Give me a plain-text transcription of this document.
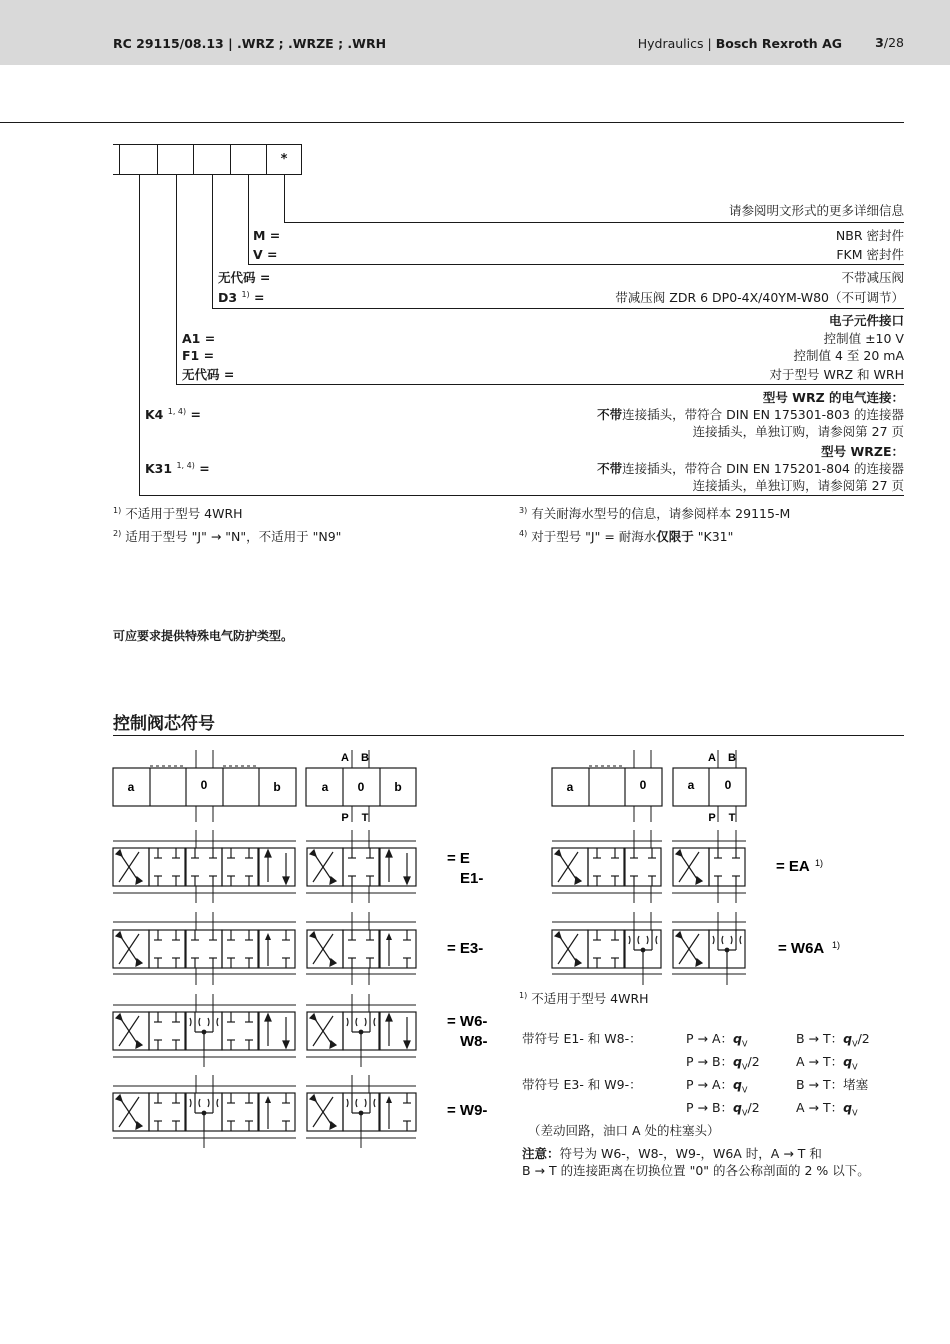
RC 29115/08.13 | .WRZ ; .WRZE ; .WRH	Hydraulics | Bosch Rexroth AG	3/28
*
请参阅明文形式的更多详细信息
M =	NBR 密封件
V =	FKM 密封件
无代码 =	不带减压阀
D3 $^{1)}$ =	带减压阀 ZDR 6 DP0-4X/40YM-W80（不可调节）
电子元件接口
A1 =	控制值 ±10 V
F1 =	控制值 4 至 20 mA
无代码 =	对于型号 WRZ 和 WRH
型号 WRZ 的电气连接：
K4 $^{1, 4)}$ =	不带连接插头，带符合 DIN EN 175301-803 的连接器
连接插头，单独订购，请参阅第 27 页
型号 WRZE：
K31 $^{1, 4)}$ =	不带连接插头，带符合 DIN EN 175201-804 的连接器
连接插头，单独订购，请参阅第 27 页
$^{1)}$ 不适用于型号 4WRH
$^{2)}$ 适用于型号 "J" → "N"，不适用于 "N9"
$^{3)}$ 有关耐海水型号的信息，请参阅样本 29115-M
$^{4)}$ 对于型号 "J" = 耐海水仅限于 "K31"
可应要求提供特殊电气防护类型。
控制阀芯符号
a	0	b
A B
P T
a 0 b
= E
E1-
= E3-
= W6-
W8-
= W9-
a	0
A B
P T
a	0
= EA 1)
= W6A 1)
$^{1)}$ 不适用于型号 4WRH
带符号 E1- 和 W8-：	P → A：$q_V$	B → T：$q_V/2$
P → B：$q_V/2$	A → T：$q_V$
带符号 E3- 和 W9-：	P → A：$q_V$	B → T：堵塞
P → B：$q_V/2$	A → T：$q_V$
（差动回路，油口 A 处的柱塞头）
注意：符号为 W6-，W8-，W9-，W6A 时，A → T 和
B → T 的连接距离在切换位置 "0" 的各公称剖面的 2 % 以下。
